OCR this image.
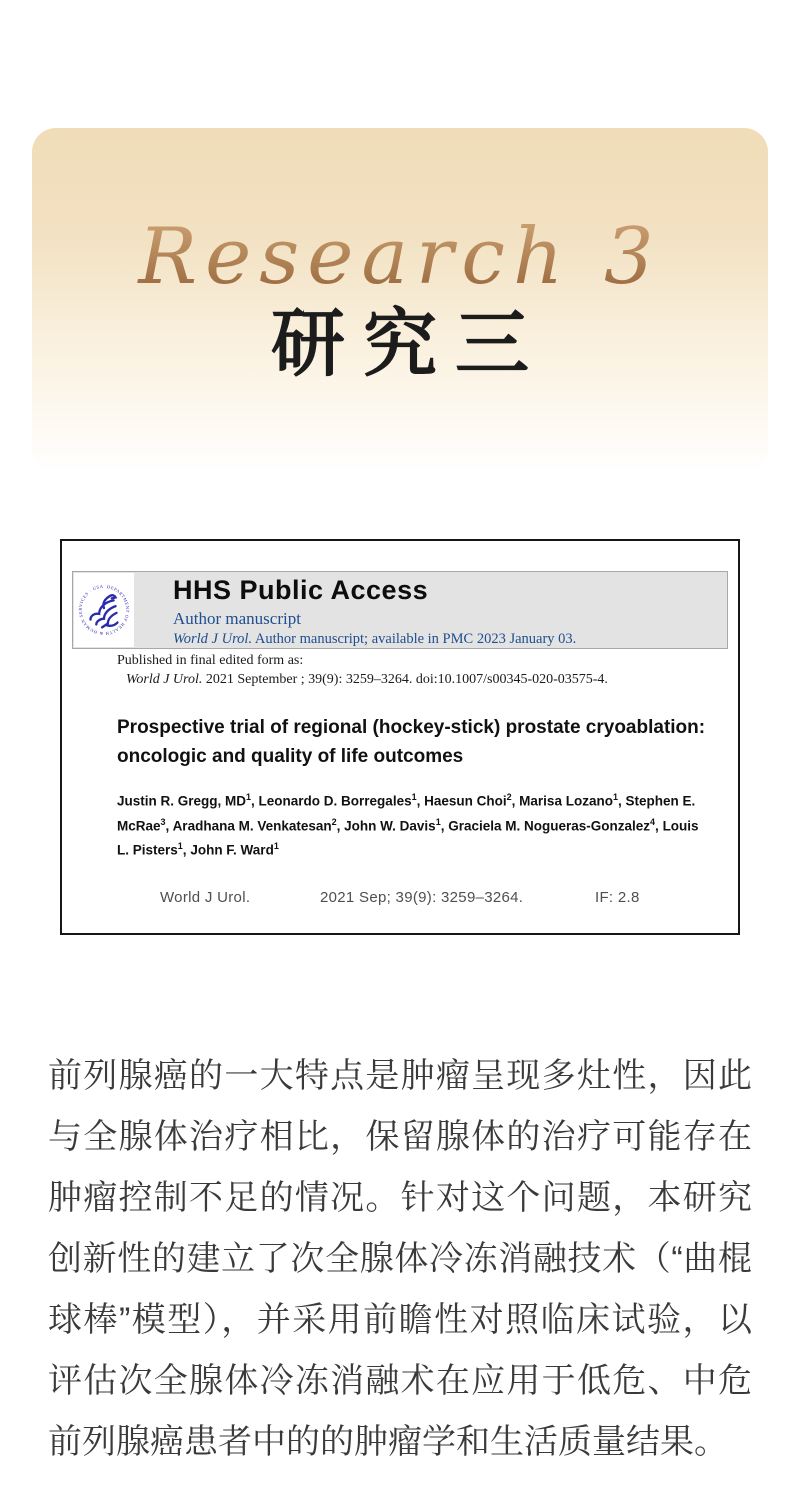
Research 3
研究三
DEPARTMENT OF HEALTH & HUMAN SERVICES · USA	HHS Public Access
Author manuscript
World J Urol. Author manuscript; available in PMC 2023 January 03.
Published in final edited form as:
World J Urol. 2021 September ; 39(9): 3259–3264. doi:10.1007/s00345-020-03575-4.
Prospective trial of regional (hockey-stick) prostate cryoablation: oncologic and quality of life outcomes
Justin R. Gregg, $MD^1$, Leonardo D. Borregales$^1$, Haesun Choi$^2$, Marisa Lozano$^1$, Stephen E. McRae$^3$, Aradhana M. Venkatesan$^2$, John W. Davis$^1$, Graciela M. Nogueras-Gonzalez$^4$, Louis L. Pisters$^1$, John F. Ward$^1$
World J Urol.	2021 Sep; 39(9): 3259–3264.	IF: 2.8

前列腺癌的一大特点是肿瘤呈现多灶性，因此与全腺体治疗相比，保留腺体的治疗可能存在肿瘤控制不足的情况。针对这个问题，本研究创新性的建立了次全腺体冷冻消融技术（“曲棍球棒”模型），并采用前瞻性对照临床试验，以评估次全腺体冷冻消融术在应用于低危、中危前列腺癌患者中的的肿瘤学和生活质量结果。
